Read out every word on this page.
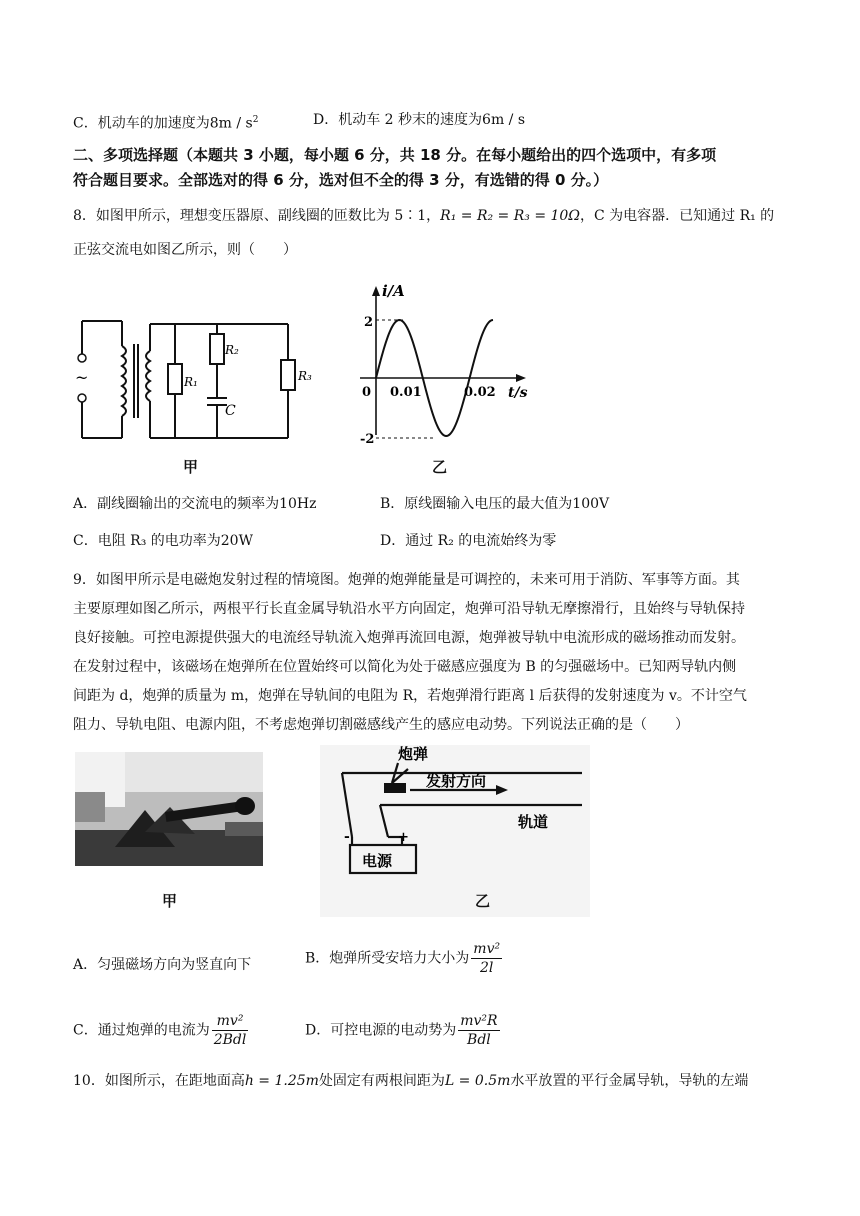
C．机动车的加速度为$8m / s^2$	D．机动车 2 秒末的速度为6m / s
二、多项选择题（本题共 3 小题，每小题 6 分，共 18 分。在每小题给出的四个选项中，有多项
符合题目要求。全部选对的得 6 分，选对但不全的得 3 分，有选错的得 0 分。）
8．如图甲所示，理想变压器原、副线圈的匝数比为 5∶1，R₁ = R₂ = R₃ = 10Ω，C 为电容器．已知通过 R₁ 的
正弦交流电如图乙所示，则（　　）
~	R₁
R₂
C
R₃
甲
i/A
t/s
0 0.01	0.02
2
-2
乙
A．副线圈输出的交流电的频率为10Hz	B．原线圈输入电压的最大值为100V
C．电阻 R₃ 的电功率为20W	D．通过 R₂ 的电流始终为零
9．如图甲所示是电磁炮发射过程的情境图。炮弹的炮弹能量是可调控的，未来可用于消防、军事等方面。其
主要原理如图乙所示，两根平行长直金属导轨沿水平方向固定，炮弹可沿导轨无摩擦滑行，且始终与导轨保持
良好接触。可控电源提供强大的电流经导轨流入炮弹再流回电源，炮弹被导轨中电流形成的磁场推动而发射。
在发射过程中，该磁场在炮弹所在位置始终可以简化为处于磁感应强度为 B 的匀强磁场中。已知两导轨内侧
间距为 d，炮弹的质量为 m，炮弹在导轨间的电阻为 R，若炮弹滑行距离 l 后获得的发射速度为 v。不计空气
阻力、导轨电阻、电源内阻，不考虑炮弹切割磁感线产生的感应电动势。下列说法正确的是（　　）
甲
炮弹
发射方向
轨道
电源
-	+
乙
A．匀强磁场方向为竖直向下	B．炮弹所受安培力大小为 $\frac{\text{mv²}}{2l}$
C．通过炮弹的电流为 $\frac{\text{mv²}}{\text{2Bdl}}$	D．可控电源的电动势为 $\frac{\text{mv²R}}{\text{Bdl}}$
10．如图所示，在距地面高h = 1.25m处固定有两根间距为L = 0.5m水平放置的平行金属导轨，导轨的左端
